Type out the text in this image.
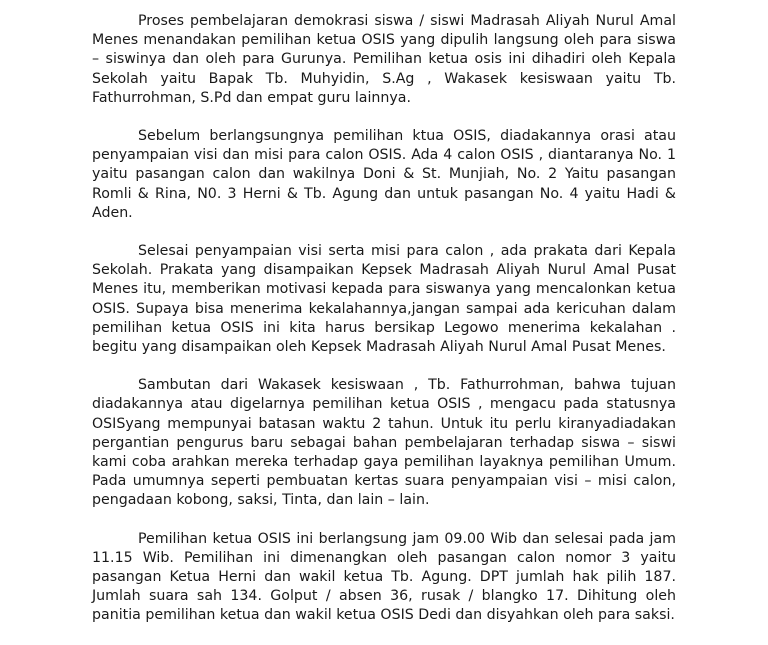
Proses pembelajaran demokrasi siswa / siswi Madrasah Aliyah Nurul Amal Menes menandakan pemilihan ketua OSIS yang dipulih langsung oleh para siswa – siswinya dan oleh para Gurunya. Pemilihan ketua osis ini dihadiri oleh Kepala Sekolah yaitu Bapak Tb. Muhyidin, S.Ag , Wakasek kesiswaan yaitu Tb. Fathurrohman, S.Pd dan empat guru lainnya.

Sebelum berlangsungnya pemilihan ktua OSIS, diadakannya orasi atau penyampaian visi dan misi para calon OSIS. Ada 4 calon OSIS , diantaranya No. 1 yaitu pasangan calon dan wakilnya Doni & St. Munjiah, No. 2 Yaitu pasangan Romli & Rina, N0. 3 Herni & Tb. Agung dan untuk pasangan No. 4 yaitu Hadi & Aden.

Selesai penyampaian visi serta misi para calon , ada prakata dari Kepala Sekolah. Prakata yang disampaikan Kepsek Madrasah Aliyah Nurul Amal Pusat Menes itu, memberikan motivasi kepada para siswanya yang mencalonkan ketua OSIS. Supaya bisa menerima kekalahannya,jangan sampai ada kericuhan dalam pemilihan ketua OSIS ini kita harus bersikap Legowo menerima kekalahan . begitu yang disampaikan oleh Kepsek Madrasah Aliyah Nurul Amal Pusat Menes.

Sambutan dari Wakasek kesiswaan , Tb. Fathurrohman, bahwa tujuan diadakannya atau digelarnya pemilihan ketua OSIS , mengacu pada statusnya OSISyang mempunyai batasan waktu 2 tahun. Untuk itu perlu kiranyadiadakan pergantian pengurus baru sebagai bahan pembelajaran terhadap siswa – siswi kami coba arahkan mereka terhadap gaya pemilihan layaknya pemilihan Umum. Pada umumnya seperti pembuatan kertas suara penyampaian visi – misi calon, pengadaan kobong, saksi, Tinta, dan lain – lain.

Pemilihan ketua OSIS ini berlangsung jam 09.00 Wib dan selesai pada jam 11.15 Wib. Pemilihan ini dimenangkan oleh pasangan calon nomor 3 yaitu pasangan Ketua Herni dan wakil ketua Tb. Agung. DPT jumlah hak pilih 187. Jumlah suara sah 134. Golput / absen 36, rusak / blangko 17. Dihitung oleh panitia pemilihan ketua dan wakil ketua OSIS Dedi dan disyahkan oleh para saksi.
